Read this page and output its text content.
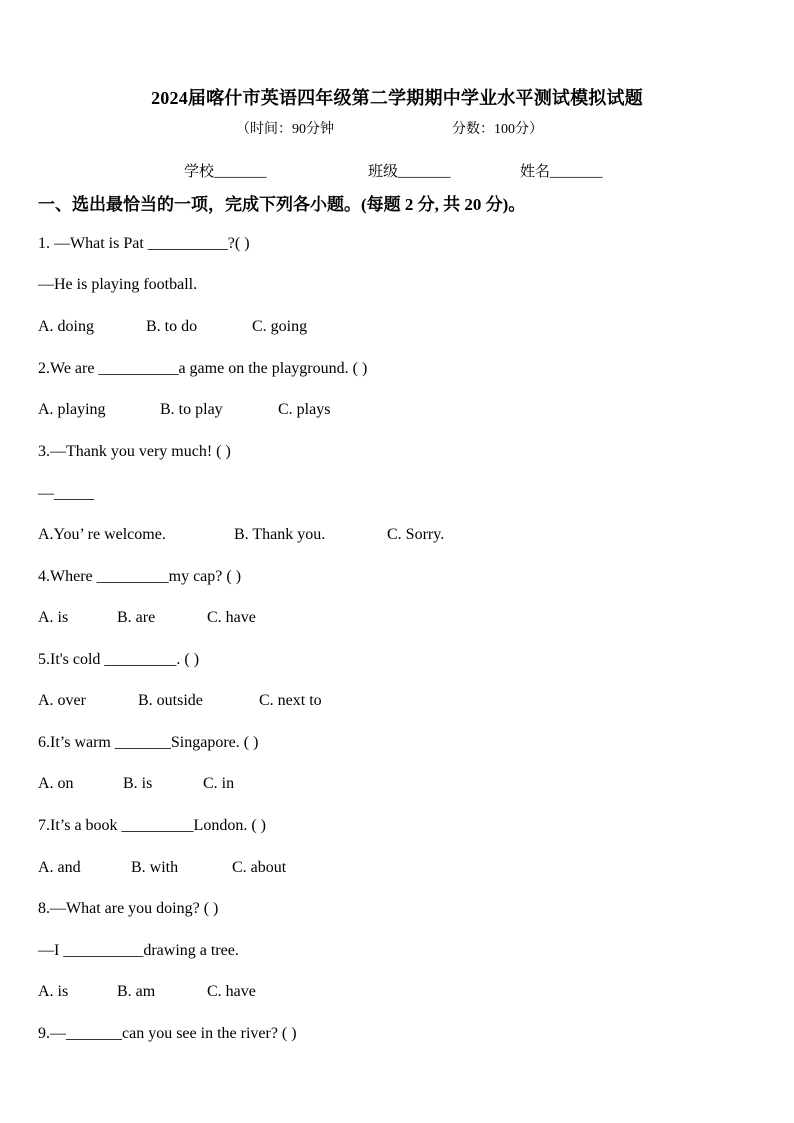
2024届喀什市英语四年级第二学期期中学业水平测试模拟试题
（时间：90分钟	分数：100分）
学校_______	班级_______	姓名_______
一、选出最恰当的一项，完成下列各小题。(每题 2 分, 共 20 分)。
1. —What is Pat __________?( )
—He is playing football.
A. doing	B. to do	C. going
2.We are __________a game on the playground. ( )
A. playing	B. to play	C. plays
3.—Thank you very much! ( )
—_____
A.You’ re welcome.	B. Thank you.	C. Sorry.
4.Where _________my cap? ( )
A. is	B. are	C. have
5.It's cold _________. ( )
A. over	B. outside	C. next to
6.It’s warm _______Singapore. ( )
A. on	B. is	C. in
7.It’s a book _________London. ( )
A. and	B. with	C. about
8.—What are you doing? ( )
—I __________drawing a tree.
A. is	B. am	C. have
9.—_______can you see in the river? ( )
